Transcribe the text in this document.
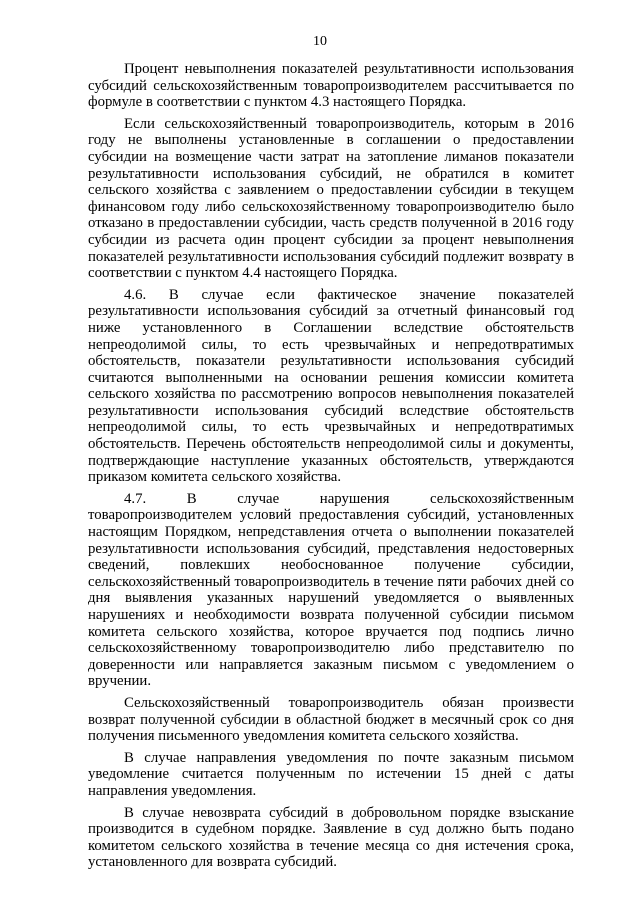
10

Процент невыполнения показателей результативности использования субсидий сельскохозяйственным товаропроизводителем рассчитывается по формуле в соответствии с пунктом 4.3 настоящего Порядка.

Если сельскохозяйственный товаропроизводитель, которым в 2016 году не выполнены установленные в соглашении о предоставлении субсидии на возмещение части затрат на затопление лиманов показатели результативности использования субсидий, не обратился в комитет сельского хозяйства с заявлением о предоставлении субсидии в текущем финансовом году либо сельскохозяйственному товаропроизводителю было отказано в предоставлении субсидии, часть средств полученной в 2016 году субсидии из расчета один процент субсидии за процент невыполнения показателей результативности использования субсидий подлежит возврату в соответствии с пунктом 4.4 настоящего Порядка.

4.6. В случае если фактическое значение показателей результативности использования субсидий за отчетный финансовый год ниже установленного в Соглашении вследствие обстоятельств непреодолимой силы, то есть чрезвычайных и непредотвратимых обстоятельств, показатели результативности использования субсидий считаются выполненными на основании решения комиссии комитета сельского хозяйства по рассмотрению вопросов невыполнения показателей результативности использования субсидий вследствие обстоятельств непреодолимой силы, то есть чрезвычайных и непредотвратимых обстоятельств. Перечень обстоятельств непреодолимой силы и документы, подтверждающие наступление указанных обстоятельств, утверждаются приказом комитета сельского хозяйства.

4.7. В случае нарушения сельскохозяйственным товаропроизводителем условий предоставления субсидий, установленных настоящим Порядком, непредставления отчета о выполнении показателей результативности использования субсидий, представления недостоверных сведений, повлекших необоснованное получение субсидии, сельскохозяйственный товаропроизводитель в течение пяти рабочих дней со дня выявления указанных нарушений уведомляется о выявленных нарушениях и необходимости возврата полученной субсидии письмом комитета сельского хозяйства, которое вручается под подпись лично сельскохозяйственному товаропроизводителю либо представителю по доверенности или направляется заказным письмом с уведомлением о вручении.

Сельскохозяйственный товаропроизводитель обязан произвести возврат полученной субсидии в областной бюджет в месячный срок со дня получения письменного уведомления комитета сельского хозяйства.

В случае направления уведомления по почте заказным письмом уведомление считается полученным по истечении 15 дней с даты направления уведомления.

В случае невозврата субсидий в добровольном порядке взыскание производится в судебном порядке. Заявление в суд должно быть подано комитетом сельского хозяйства в течение месяца со дня истечения срока, установленного для возврата субсидий.
